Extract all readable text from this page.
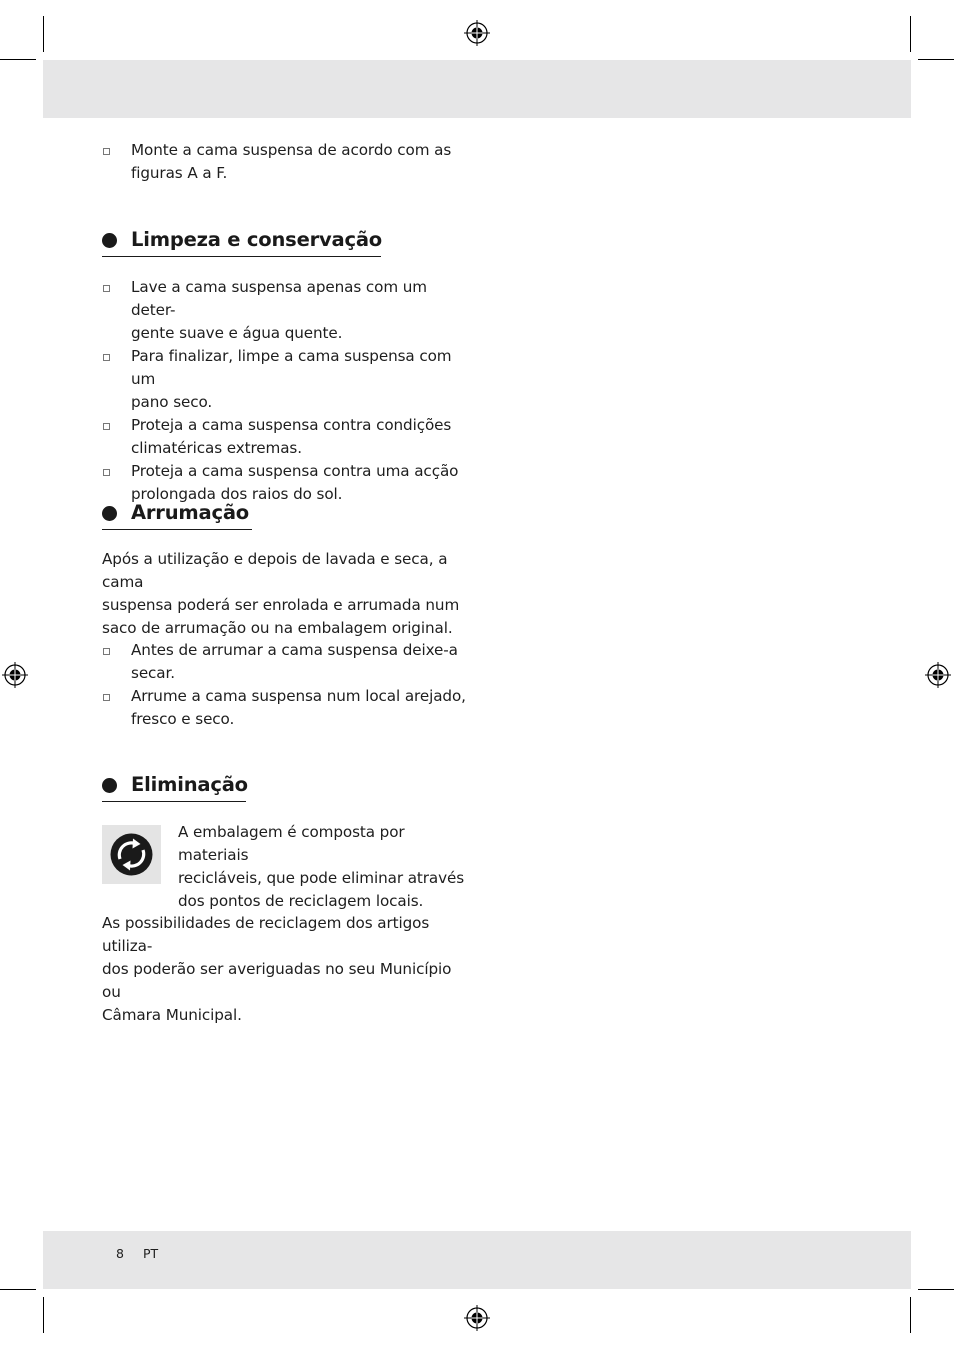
Monte a cama suspensa de acordo com as figuras A a F.
Limpeza e conservação
Lave a cama suspensa apenas com um deter-
gente suave e água quente.
Para finalizar, limpe a cama suspensa com um
pano seco.
Proteja a cama suspensa contra condições
climatéricas extremas.
Proteja a cama suspensa contra uma acção
prolongada dos raios do sol.
Arrumação
Após a utilização e depois de lavada e seca, a cama
suspensa poderá ser enrolada e arrumada num
saco de arrumação ou na embalagem original.
Antes de arrumar a cama suspensa deixe-a
secar.
Arrume a cama suspensa num local arejado,
fresco e seco.
Eliminação
A embalagem é composta por materiais
recicláveis, que pode eliminar através
dos pontos de reciclagem locais.
As possibilidades de reciclagem dos artigos utiliza-
dos poderão ser averiguadas no seu Município ou
Câmara Municipal.
8 PT
